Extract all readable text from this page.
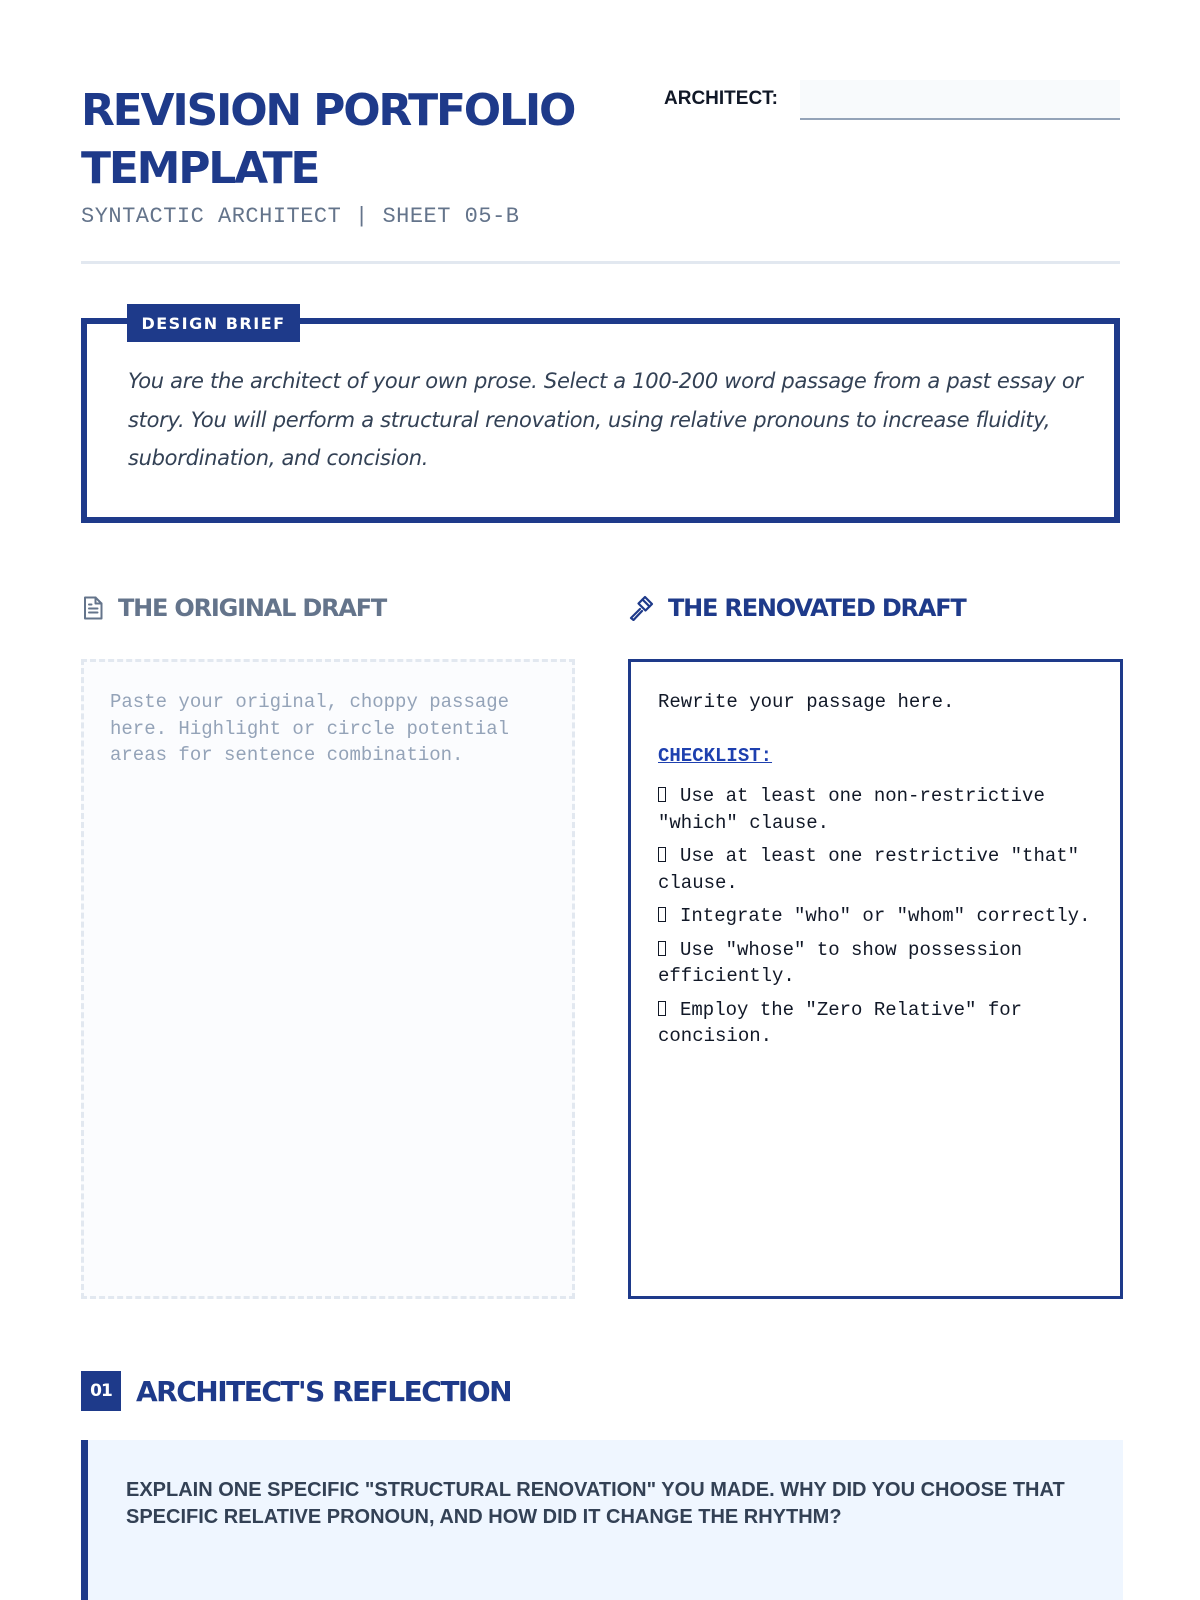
REVISION PORTFOLIO TEMPLATE
SYNTACTIC ARCHITECT | SHEET 05-B
ARCHITECT:
DESIGN BRIEF

You are the architect of your own prose. Select a 100-200 word passage from a past essay or story. You will perform a structural renovation, using relative pronouns to increase fluidity, subordination, and concision.

THE ORIGINAL DRAFT	THE RENOVATED DRAFT
Paste your original, choppy passage here. Highlight or circle potential areas for sentence combination.
Rewrite your passage here.
CHECKLIST:
Use at least one non-restrictive "which" clause.
Use at least one restrictive "that" clause.
Integrate "who" or "whom" correctly.
Use "whose" to show possession efficiently.
Employ the "Zero Relative" for concision.
01 ARCHITECT'S REFLECTION

EXPLAIN ONE SPECIFIC "STRUCTURAL RENOVATION" YOU MADE. WHY DID YOU CHOOSE THAT SPECIFIC RELATIVE PRONOUN, AND HOW DID IT CHANGE THE RHYTHM?
